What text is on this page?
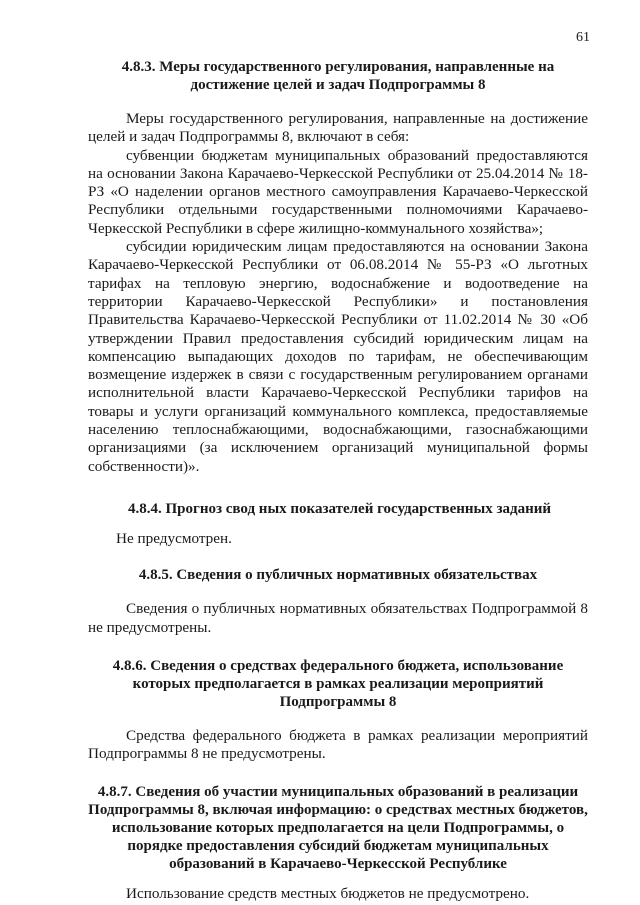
61
4.8.3. Меры государственного регулирования, направленные на достижение целей и задач Подпрограммы 8

Меры государственного регулирования, направленные на достижение целей и задач Подпрограммы 8, включают в себя:

субвенции бюджетам муниципальных образований предоставляются на основании Закона Карачаево-Черкесской Республики от 25.04.2014 № 18-РЗ «О наделении органов местного самоуправления Карачаево-Черкесской Республики отдельными государственными полномочиями Карачаево-Черкесской Республики в сфере жилищно-коммунального хозяйства»;

субсидии юридическим лицам предоставляются на основании Закона Карачаево-Черкесской Республики от 06.08.2014 № 55-РЗ «О льготных тарифах на тепловую энергию, водоснабжение и водоотведение на территории Карачаево-Черкесской Республики» и постановления Правительства Карачаево-Черкесской Республики от 11.02.2014 № 30 «Об утверждении Правил предоставления субсидий юридическим лицам на компенсацию выпадающих доходов по тарифам, не обеспечивающим возмещение издержек в связи с государственным регулированием органами исполнительной власти Карачаево-Черкесской Республики тарифов на товары и услуги организаций коммунального комплекса, предоставляемые населению теплоснабжающими, водоснабжающими, газоснабжающими организациями (за исключением организаций муниципальной формы собственности)».

4.8.4. Прогноз свод ных показателей государственных заданий

Не предусмотрен.

4.8.5. Сведения о публичных нормативных обязательствах

Сведения о публичных нормативных обязательствах Подпрограммой 8 не предусмотрены.

4.8.6. Сведения о средствах федерального бюджета, использование которых предполагается в рамках реализации мероприятий Подпрограммы 8

Средства федерального бюджета в рамках реализации мероприятий Подпрограммы 8 не предусмотрены.

4.8.7. Сведения об участии муниципальных образований в реализации Подпрограммы 8, включая информацию: о средствах местных бюджетов, использование которых предполагается на цели Подпрограммы, о порядке предоставления субсидий бюджетам муниципальных образований в Карачаево-Черкесской Республике

Использование средств местных бюджетов не предусмотрено.
